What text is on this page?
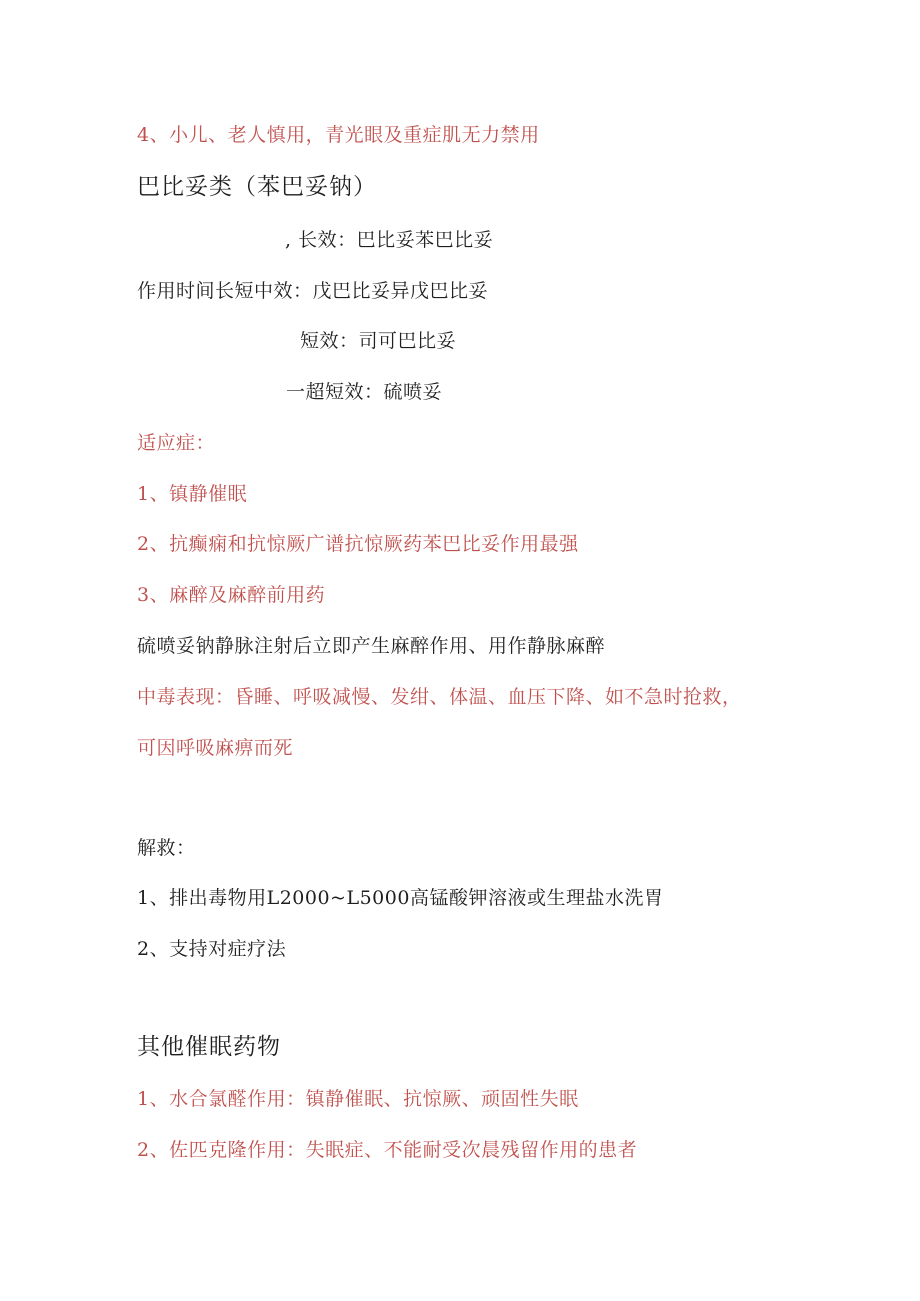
4、小儿、老人慎用，青光眼及重症肌无力禁用
巴比妥类（苯巴妥钠）
, 长效：巴比妥苯巴比妥
作用时间长短中效：戊巴比妥异戊巴比妥
短效：司可巴比妥
一超短效：硫喷妥
适应症：
1、镇静催眠
2、抗癫痫和抗惊厥广谱抗惊厥药苯巴比妥作用最强
3、麻醉及麻醉前用药
硫喷妥钠静脉注射后立即产生麻醉作用、用作静脉麻醉
中毒表现：昏睡、呼吸减慢、发绀、体温、血压下降、如不急时抢救，
可因呼吸麻痹而死
解救：
1、排出毒物用L2000~L5000高锰酸钾溶液或生理盐水洗胃
2、支持对症疗法
其他催眠药物
1、水合氯醛作用：镇静催眠、抗惊厥、顽固性失眠
2、佐匹克隆作用：失眠症、不能耐受次晨残留作用的患者
